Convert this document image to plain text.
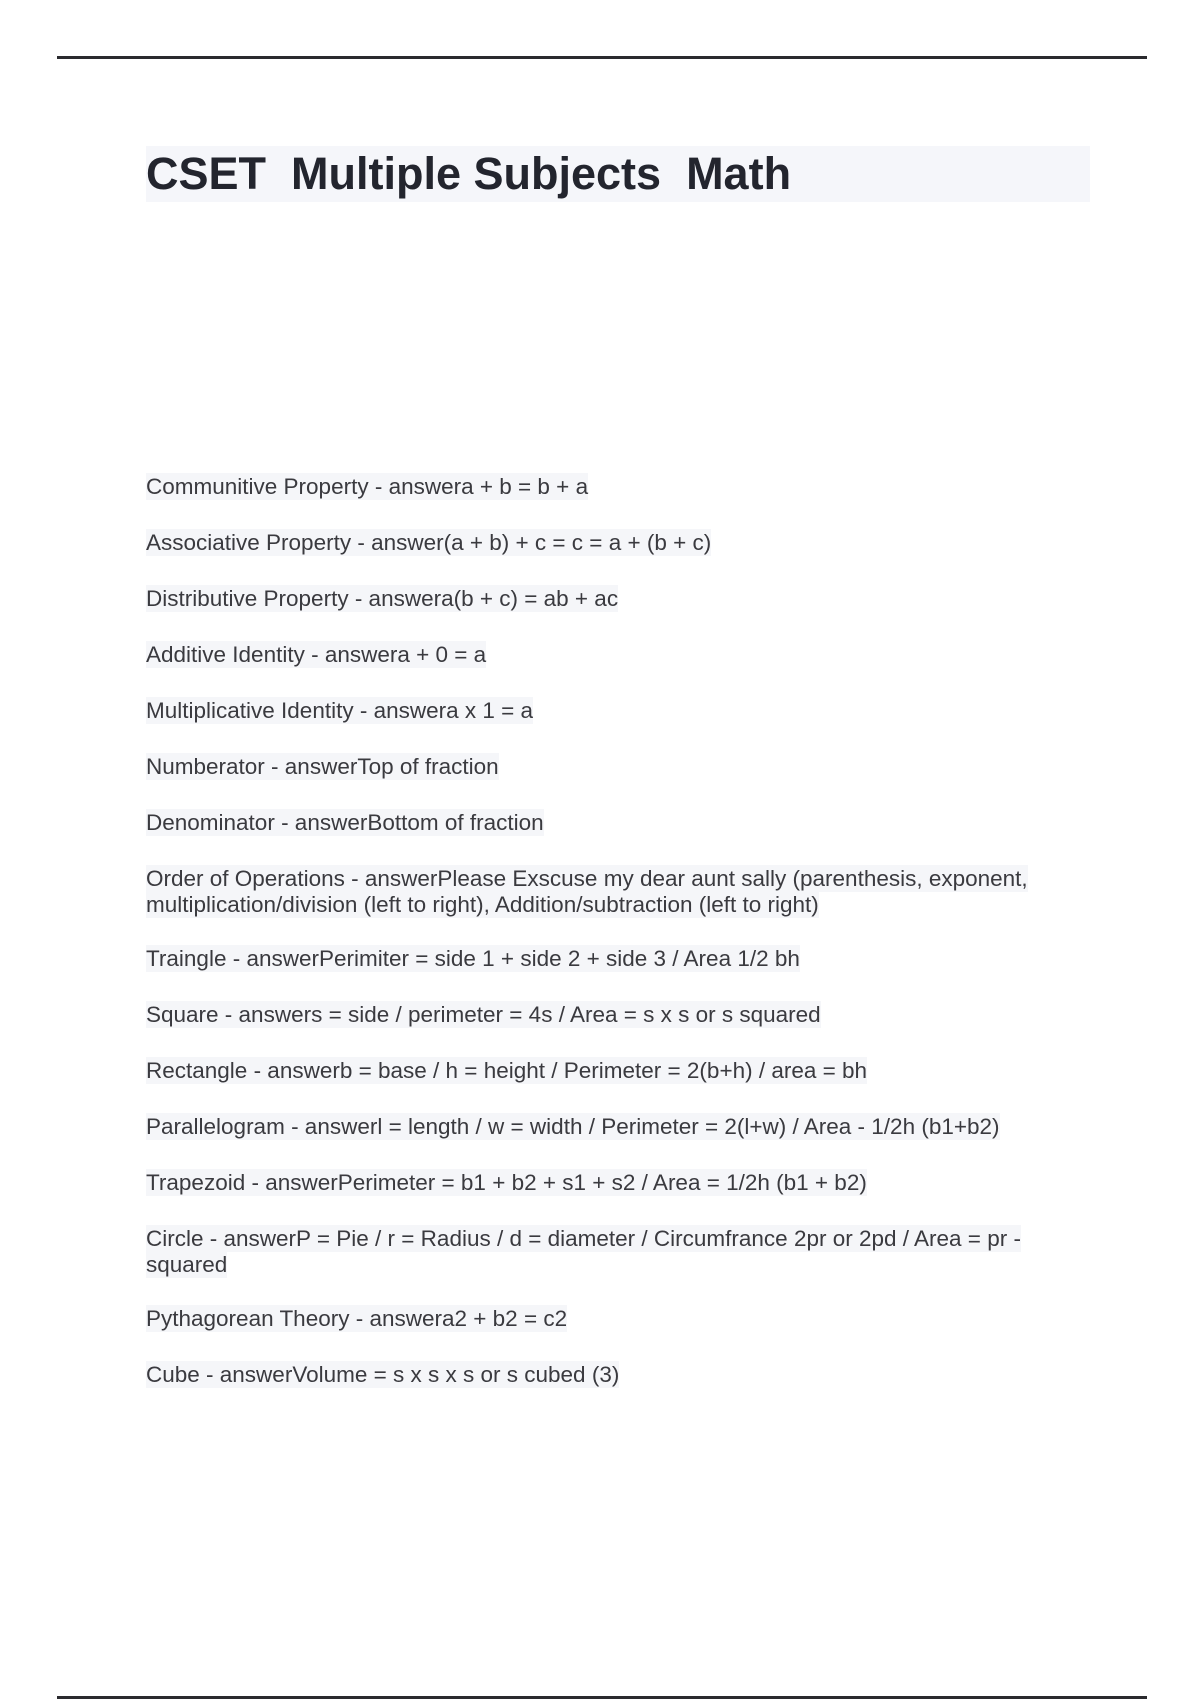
CSET  Multiple Subjects  Math
Communitive Property - answera + b = b + a
Associative Property - answer(a + b) + c = c = a + (b + c)
Distributive Property - answera(b + c) = ab + ac
Additive Identity - answera + 0 = a
Multiplicative Identity - answera x 1 = a
Numberator - answerTop of fraction
Denominator - answerBottom of fraction
Order of Operations - answerPlease Exscuse my dear aunt sally (parenthesis, exponent, multiplication/division (left to right), Addition/subtraction (left to right)
Traingle - answerPerimiter = side 1 + side 2 + side 3 / Area 1/2 bh
Square - answers = side / perimeter = 4s / Area = s x s or s squared
Rectangle - answerb = base / h = height / Perimeter = 2(b+h) / area = bh
Parallelogram - answerl = length / w = width / Perimeter = 2(l+w) / Area - 1/2h (b1+b2)
Trapezoid - answerPerimeter = b1 + b2 + s1 + s2 / Area = 1/2h (b1 + b2)
Circle - answerP = Pie / r = Radius / d = diameter / Circumfrance 2pr or 2pd / Area = pr - squared
Pythagorean Theory - answera2 + b2 = c2
Cube - answerVolume = s x s x s or s cubed (3)
